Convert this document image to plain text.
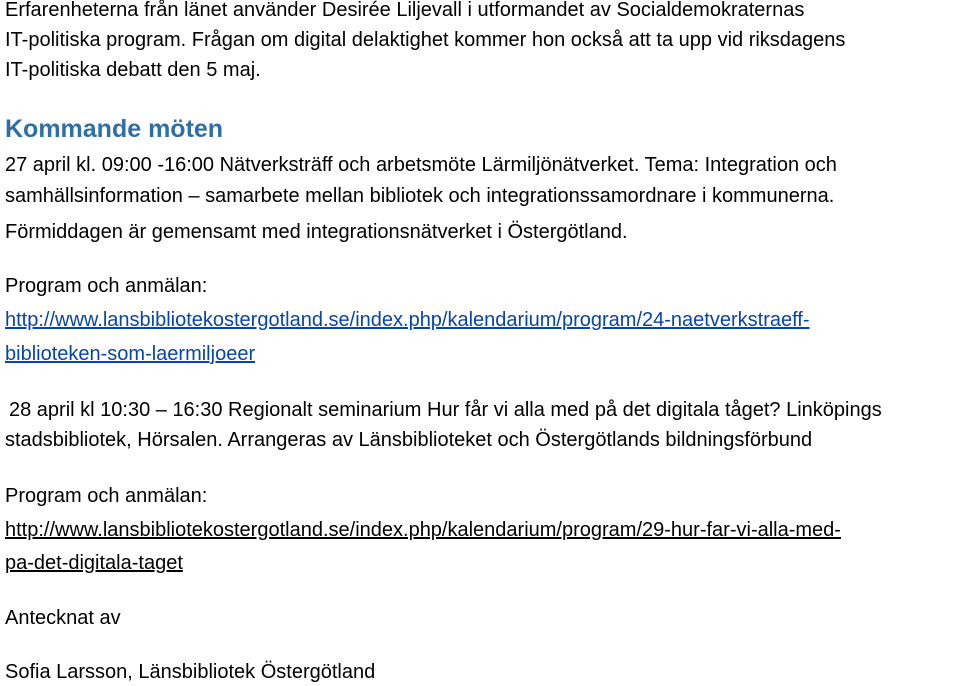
Erfarenheterna från länet använder Desirée Liljevall i utformandet av Socialdemokraternas
IT-politiska program. Frågan om digital delaktighet kommer hon också att ta upp vid riksdagens
IT-politiska debatt den 5 maj.
Kommande möten
27 april kl. 09:00 -16:00 Nätverksträff och arbetsmöte Lärmiljönätverket. Tema: Integration och
samhällsinformation – samarbete mellan bibliotek och integrationssamordnare i kommunerna.
Förmiddagen är gemensamt med integrationsnätverket i Östergötland.
Program och anmälan:
http://www.lansbibliotekostergotland.se/index.php/kalendarium/program/24-naetverkstraeff-
biblioteken-som-laermiljoeer
28 april kl 10:30 – 16:30 Regionalt seminarium Hur får vi alla med på det digitala tåget? Linköpings
stadsbibliotek, Hörsalen. Arrangeras av Länsbiblioteket och Östergötlands bildningsförbund
Program och anmälan:
http://www.lansbibliotekostergotland.se/index.php/kalendarium/program/29-hur-far-vi-alla-med-
pa-det-digitala-taget
Antecknat av
Sofia Larsson, Länsbibliotek Östergötland
